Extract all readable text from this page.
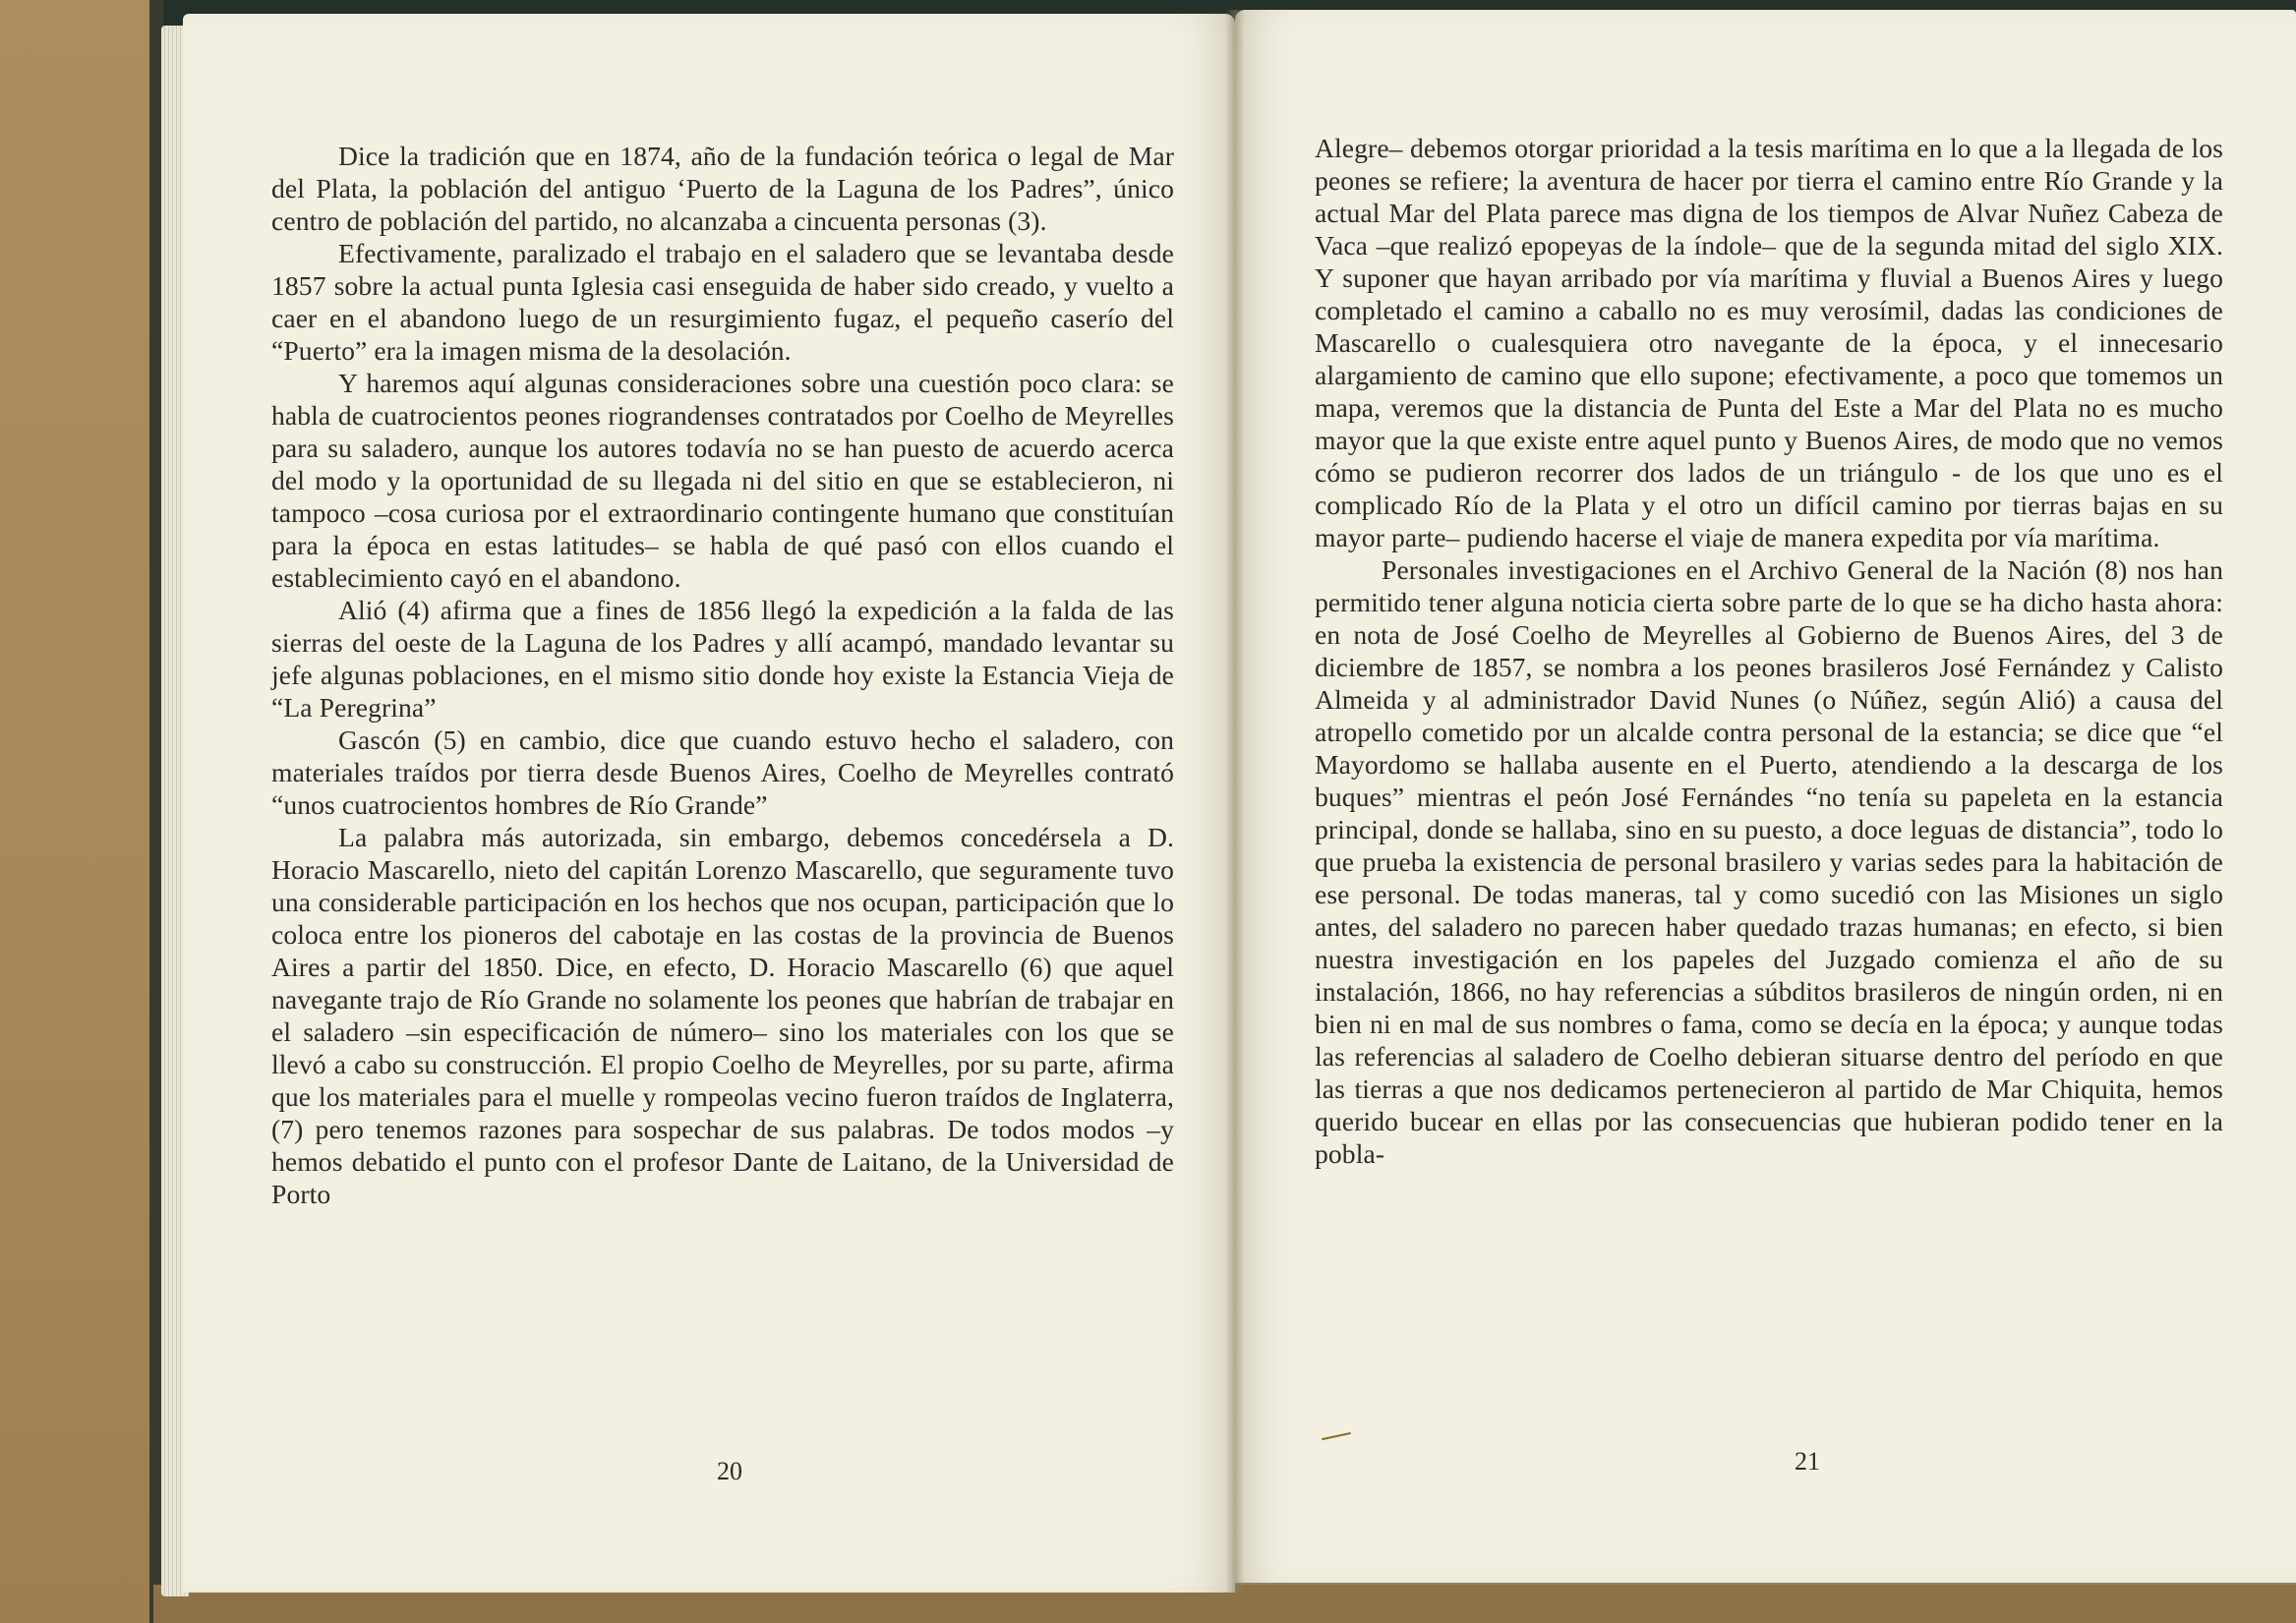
Dice la tradición que en 1874, año de la fundación teórica o legal de Mar del Plata, la población del antiguo ‘Puerto de la Laguna de los Padres”, único centro de población del partido, no alcanzaba a cincuenta personas (3).

Efectivamente, paralizado el trabajo en el saladero que se levantaba desde 1857 sobre la actual punta Iglesia casi enseguida de haber sido creado, y vuelto a caer en el abandono luego de un resurgimiento fugaz, el pequeño caserío del “Puerto” era la imagen misma de la desolación.

Y haremos aquí algunas consideraciones sobre una cuestión poco clara: se habla de cuatrocientos peones riograndenses contratados por Coelho de Meyrelles para su saladero, aunque los autores todavía no se han puesto de acuerdo acerca del modo y la oportunidad de su llegada ni del sitio en que se establecieron, ni tampoco –cosa curiosa por el extraordinario contingente humano que constituían para la época en estas latitudes– se habla de qué pasó con ellos cuando el establecimiento cayó en el abandono.

Alió (4) afirma que a fines de 1856 llegó la expedición a la falda de las sierras del oeste de la Laguna de los Padres y allí acampó, mandado levantar su jefe algunas poblaciones, en el mismo sitio donde hoy existe la Estancia Vieja de “La Peregrina”

Gascón (5) en cambio, dice que cuando estuvo hecho el saladero, con materiales traídos por tierra desde Buenos Aires, Coelho de Meyrelles contrató “unos cuatrocientos hombres de Río Grande”

La palabra más autorizada, sin embargo, debemos concedérsela a D. Horacio Mascarello, nieto del capitán Lorenzo Mascarello, que seguramente tuvo una considerable participación en los hechos que nos ocupan, participación que lo coloca entre los pioneros del cabotaje en las costas de la provincia de Buenos Aires a partir del 1850. Dice, en efecto, D. Horacio Mascarello (6) que aquel navegante trajo de Río Grande no solamente los peones que habrían de trabajar en el saladero –sin especificación de número– sino los materiales con los que se llevó a cabo su construcción. El propio Coelho de Meyrelles, por su parte, afirma que los materiales para el muelle y rompeolas vecino fueron traídos de Inglaterra, (7) pero tenemos razones para sospechar de sus palabras. De todos modos –y hemos debatido el punto con el profesor Dante de Laitano, de la Universidad de Porto

20

Alegre– debemos otorgar prioridad a la tesis marítima en lo que a la llegada de los peones se refiere; la aventura de hacer por tierra el camino entre Río Grande y la actual Mar del Plata parece mas digna de los tiempos de Alvar Nuñez Cabeza de Vaca –que realizó epopeyas de la índole– que de la segunda mitad del siglo XIX. Y suponer que hayan arribado por vía marítima y fluvial a Buenos Aires y luego completado el camino a caballo no es muy verosímil, dadas las condiciones de Mascarello o cualesquiera otro navegante de la época, y el innecesario alargamiento de camino que ello supone; efectivamente, a poco que tomemos un mapa, veremos que la distancia de Punta del Este a Mar del Plata no es mucho mayor que la que existe entre aquel punto y Buenos Aires, de modo que no vemos cómo se pudieron recorrer dos lados de un triángulo - de los que uno es el complicado Río de la Plata y el otro un difícil camino por tierras bajas en su mayor parte– pudiendo hacerse el viaje de manera expedita por vía marítima.

Personales investigaciones en el Archivo General de la Nación (8) nos han permitido tener alguna noticia cierta sobre parte de lo que se ha dicho hasta ahora: en nota de José Coelho de Meyrelles al Gobierno de Buenos Aires, del 3 de diciembre de 1857, se nombra a los peones brasileros José Fernández y Calisto Almeida y al administrador David Nunes (o Núñez, según Alió) a causa del atropello cometido por un alcalde contra personal de la estancia; se dice que “el Mayordomo se hallaba ausente en el Puerto, atendiendo a la descarga de los buques” mientras el peón José Fernándes “no tenía su papeleta en la estancia principal, donde se hallaba, sino en su puesto, a doce leguas de distancia”, todo lo que prueba la existencia de personal brasilero y varias sedes para la habitación de ese personal. De todas maneras, tal y como sucedió con las Misiones un siglo antes, del saladero no parecen haber quedado trazas humanas; en efecto, si bien nuestra investigación en los papeles del Juzgado comienza el año de su instalación, 1866, no hay referencias a súbditos brasileros de ningún orden, ni en bien ni en mal de sus nombres o fama, como se decía en la época; y aunque todas las referencias al saladero de Coelho debieran situarse dentro del período en que las tierras a que nos dedicamos pertenecieron al partido de Mar Chiquita, hemos querido bucear en ellas por las consecuencias que hubieran podido tener en la pobla-

21
